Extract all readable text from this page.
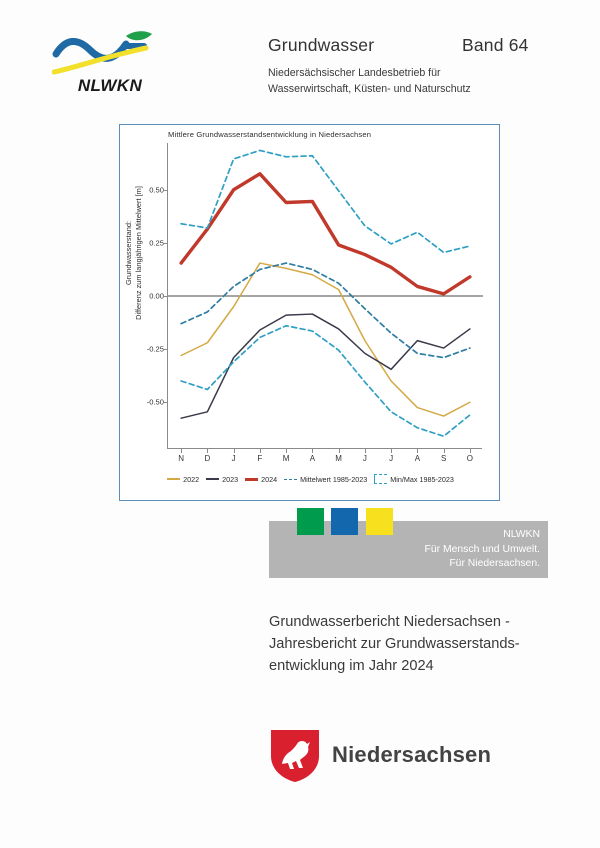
NLWKN
Grundwasser	Band 64
Niedersächsischer Landesbetrieb für
Wasserwirtschaft, Küsten- und Naturschutz
Mittlere Grundwasserstandsentwicklung in Niedersachsen
Grundwasserstand: Differenz zum langjährigen Mittelwert [m] 0.50
0.25
0.00
-0.25
-0.50
N	D	J	F	M	A	M	J	J	A	S	O
2022	2023	2024	Mittelwert 1985-2023	Min/Max 1985-2023
NLWKN
Für Mensch und Umwelt.
Für Niedersachsen.
Grundwasserbericht Niedersachsen -
Jahresbericht zur Grundwasserstands-
entwicklung im Jahr 2024
Niedersachsen
